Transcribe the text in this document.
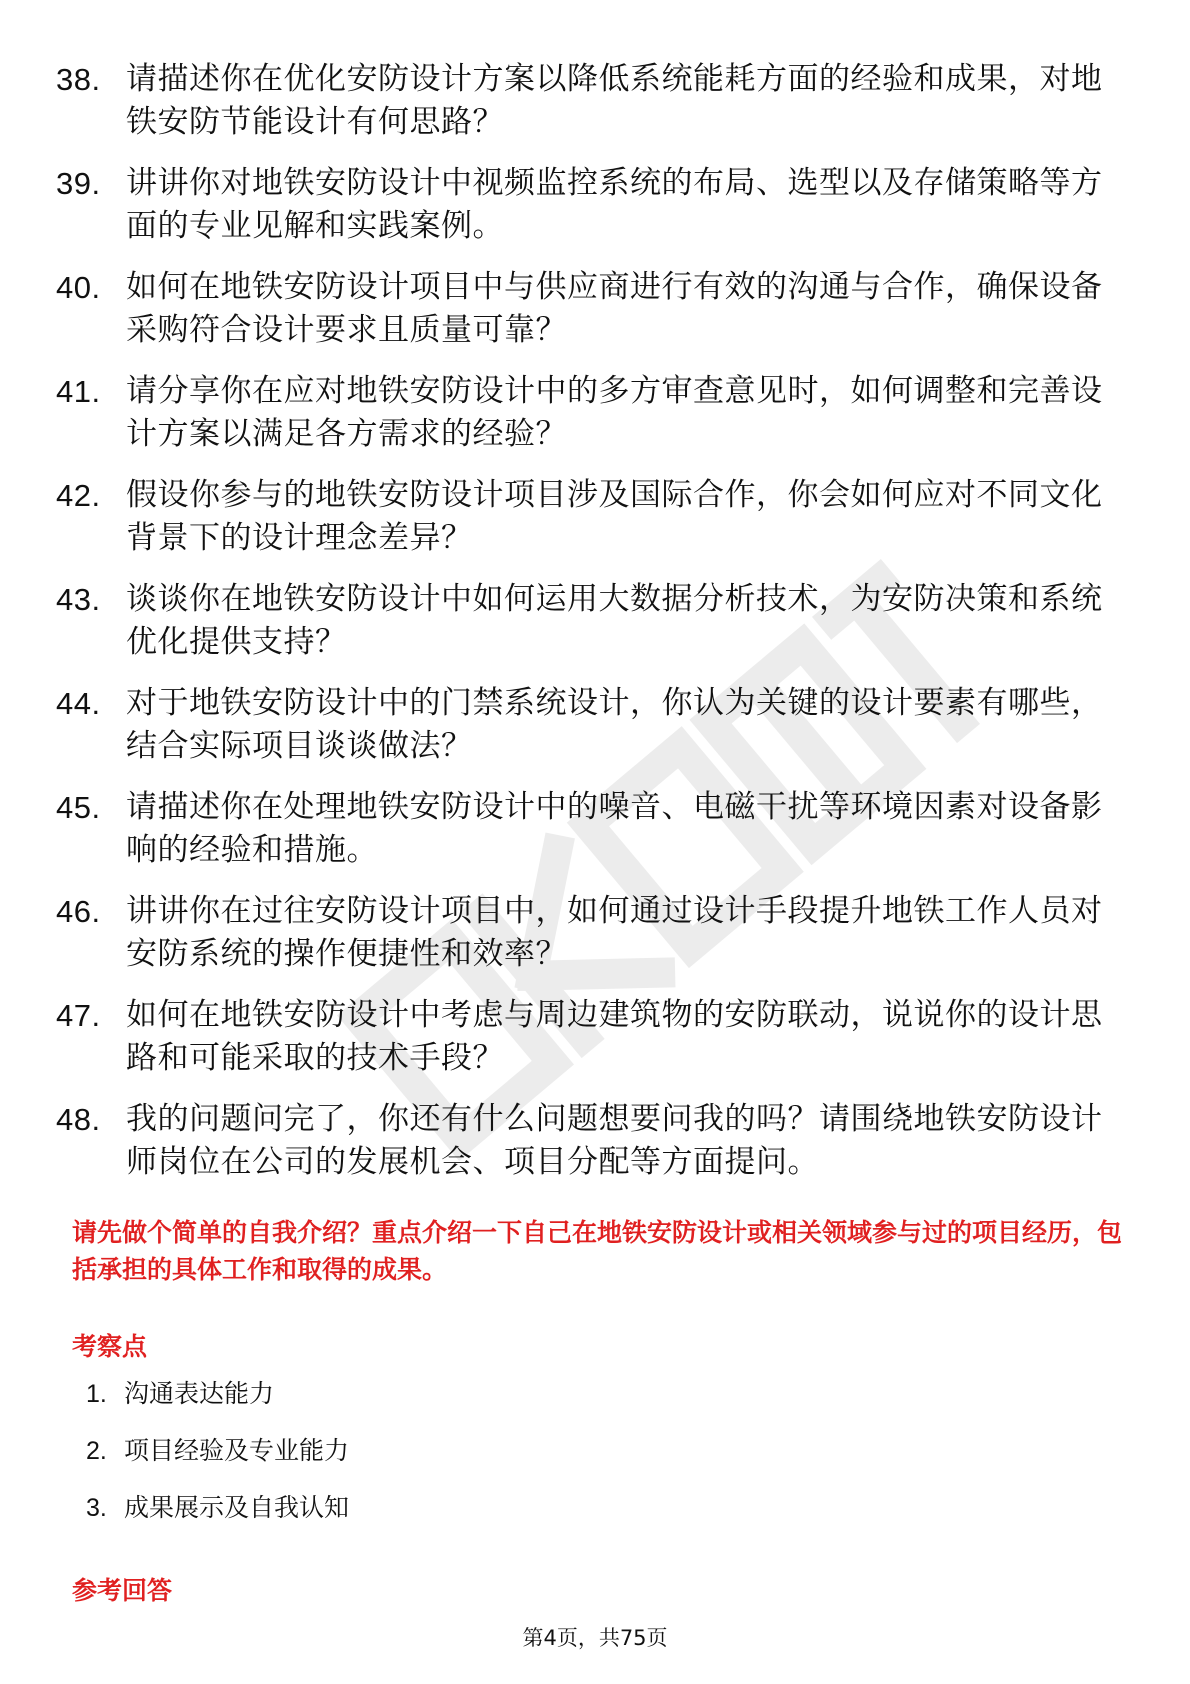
38. 请描述你在优化安防设计方案以降低系统能耗方面的经验和成果，对地铁安防节能设计有何思路？
39. 讲讲你对地铁安防设计中视频监控系统的布局、选型以及存储策略等方面的专业见解和实践案例。
40. 如何在地铁安防设计项目中与供应商进行有效的沟通与合作，确保设备采购符合设计要求且质量可靠？
41. 请分享你在应对地铁安防设计中的多方审查意见时，如何调整和完善设计方案以满足各方需求的经验？
42. 假设你参与的地铁安防设计项目涉及国际合作，你会如何应对不同文化背景下的设计理念差异？
43. 谈谈你在地铁安防设计中如何运用大数据分析技术，为安防决策和系统优化提供支持？
44. 对于地铁安防设计中的门禁系统设计，你认为关键的设计要素有哪些，结合实际项目谈谈做法？
45. 请描述你在处理地铁安防设计中的噪音、电磁干扰等环境因素对设备影响的经验和措施。
46. 讲讲你在过往安防设计项目中，如何通过设计手段提升地铁工作人员对安防系统的操作便捷性和效率？
47. 如何在地铁安防设计中考虑与周边建筑物的安防联动，说说你的设计思路和可能采取的技术手段？
48. 我的问题问完了，你还有什么问题想要问我的吗？请围绕地铁安防设计师岗位在公司的发展机会、项目分配等方面提问。
请先做个简单的自我介绍？重点介绍一下自己在地铁安防设计或相关领域参与过的项目经历，包括承担的具体工作和取得的成果。
考察点
1. 沟通表达能力
2. 项目经验及专业能力
3. 成果展示及自我认知
参考回答
第4页，共75页
